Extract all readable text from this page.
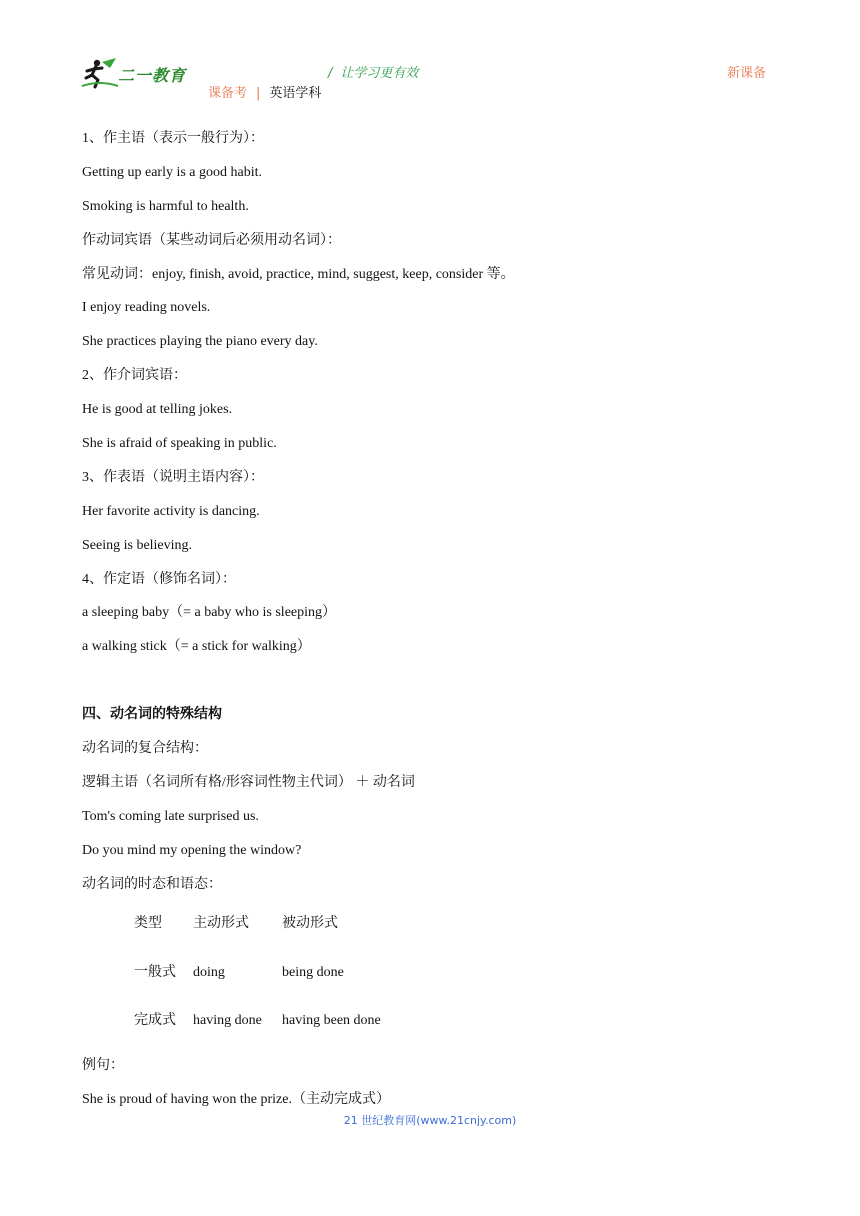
二一教育	/ 让学习更有效
课备考 | 英语学科
新课备
1、作主语（表示一般行为）：
Getting up early is a good habit.
Smoking is harmful to health.
作动词宾语（某些动词后必须用动名词）：
常见动词：enjoy, finish, avoid, practice, mind, suggest, keep, consider 等。
I enjoy reading novels.
She practices playing the piano every day.
2、作介词宾语：
He is good at telling jokes.
She is afraid of speaking in public.
3、作表语（说明主语内容）：
Her favorite activity is dancing.
Seeing is believing.
4、作定语（修饰名词）：
a sleeping baby（= a baby who is sleeping）
a walking stick（= a stick for walking）
四、动名词的特殊结构
动名词的复合结构：
逻辑主语（名词所有格/形容词性物主代词） ＋ 动名词
Tom's coming late surprised us.
Do you mind my opening the window?
动名词的时态和语态：
类型 主动形式 被动形式
一般式 doing	being done
完成式 having done having been done
例句：
She is proud of having won the prize.（主动完成式）
21 世纪教育网(www.21cnjy.com)
